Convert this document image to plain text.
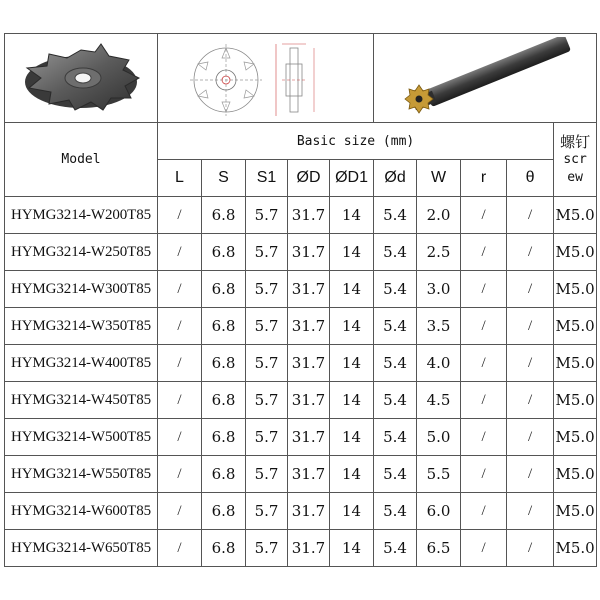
Model	Basic size (mm)									螺钉
screw

	L	S	S1	ØD	ØD1	Ød	W	r	θ	
HYMG3214-W200T85	/	6.8	5.7	31.7	14	5.4	2.0	/	/	M5.0
HYMG3214-W250T85	/	6.8	5.7	31.7	14	5.4	2.5	/	/	M5.0
HYMG3214-W300T85	/	6.8	5.7	31.7	14	5.4	3.0	/	/	M5.0
HYMG3214-W350T85	/	6.8	5.7	31.7	14	5.4	3.5	/	/	M5.0
HYMG3214-W400T85	/	6.8	5.7	31.7	14	5.4	4.0	/	/	M5.0
HYMG3214-W450T85	/	6.8	5.7	31.7	14	5.4	4.5	/	/	M5.0
HYMG3214-W500T85	/	6.8	5.7	31.7	14	5.4	5.0	/	/	M5.0
HYMG3214-W550T85	/	6.8	5.7	31.7	14	5.4	5.5	/	/	M5.0
HYMG3214-W600T85	/	6.8	5.7	31.7	14	5.4	6.0	/	/	M5.0
HYMG3214-W650T85	/	6.8	5.7	31.7	14	5.4	6.5	/	/	M5.0
